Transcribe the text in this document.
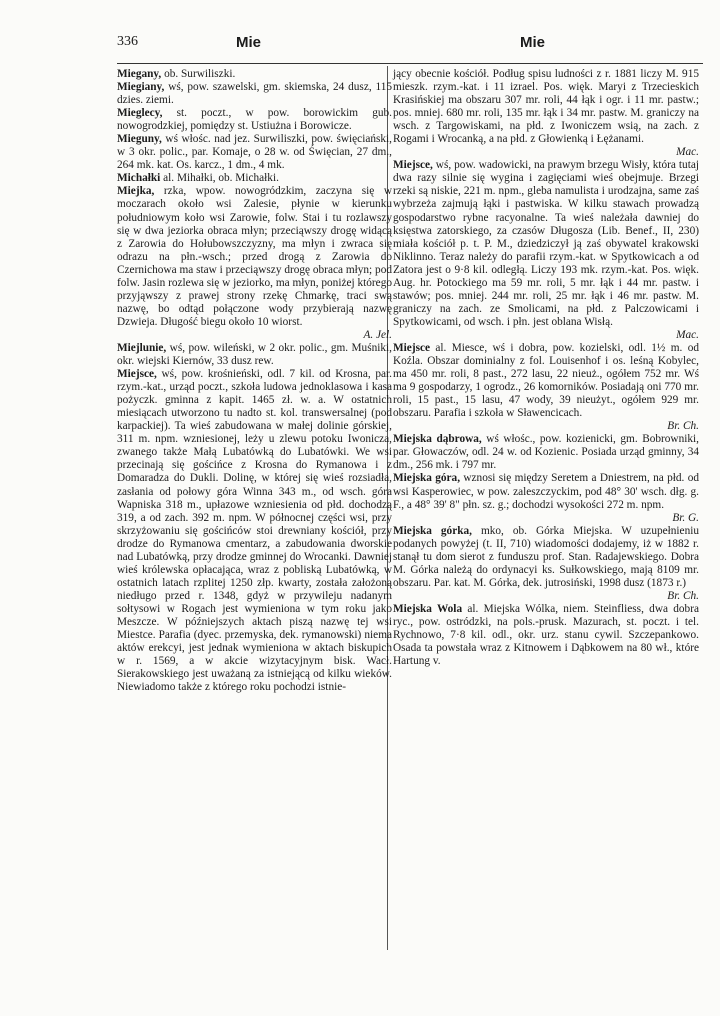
336	Mie	Mie

Miegany, ob. Surwiliszki.

Miegiany, wś, pow. szawelski, gm. skiemska, 24 dusz, 115 dzies. ziemi.

Mieglecy, st. poczt., w pow. borowickim gub. nowogrodzkiej, pomiędzy st. Ustiużna i Borowicze.

Mieguny, wś włośc. nad jez. Surwiliszki, pow. święciański, w 3 okr. polic., par. Komaje, o 28 w. od Święcian, 27 dm., 264 mk. kat. Os. karcz., 1 dm., 4 mk.

Michałki al. Mihałki, ob. Michałki.

Miejka, rzka, wpow. nowogródzkim, zaczyna się w moczarach około wsi Zalesie, płynie w kierunku południowym koło wsi Zarowie, folw. Stai i tu rozlawszy się w dwa jeziorka obraca młyn; przeciąwszy drogę widącą z Zarowia do Hołubowszczyzny, ma młyn i zwraca się odrazu na płn.-wsch.; przed drogą z Zarowia do Czernichowa ma staw i przeciąwszy drogę obraca młyn; pod folw. Jasin rozlewa się w jeziorko, ma młyn, poniżej którego przyjąwszy z prawej strony rzekę Chmarkę, traci swą nazwę, bo odtąd połączone wody przybierają nazwę Dzwieja. Długość biegu około 10 wiorst.
A. Jel.

Miejlunie, wś, pow. wileński, w 2 okr. polic., gm. Muśniki, okr. wiejski Kiernów, 33 dusz rew.

Miejsce, wś, pow. krośnieński, odl. 7 kil. od Krosna, par. rzym.-kat., urząd poczt., szkoła ludowa jednoklasowa i kasa pożyczk. gminna z kapit. 1465 zł. w. a. W ostatnich miesiącach utworzono tu nadto st. kol. transwersalnej (pod karpackiej). Ta wieś zabudowana w małej dolinie górskiej, 311 m. npm. wzniesionej, leży u zlewu potoku Iwonicza, zwanego także Małą Lubatówką do Lubatówki. We wsi przecinają się gościńce z Krosna do Rymanowa i z Domaradza do Dukli. Dolinę, w której się wieś rozsiadła, zasłania od połowy góra Winna 343 m., od wsch. góra Wapniska 318 m., upłazowe wzniesienia od płd. dochodzą 319, a od zach. 392 m. npm. W północnej części wsi, przy skrzyżowaniu się gościńców stoi drewniany kościół, przy drodze do Rymanowa cmentarz, a zabudowania dworskie nad Lubatówką, przy drodze gminnej do Wrocanki. Dawniej wieś królewska opłacająca, wraz z pobliską Lubatówką, w ostatnich latach rzplitej 1250 złp. kwarty, została założoną niedługo przed r. 1348, gdyż w przywileju nadanym sołtysowi w Rogach jest wymieniona w tym roku jako Meszcze. W późniejszych aktach piszą nazwę tej wsi Miestce. Parafia (dyec. przemyska, dek. rymanowski) niema aktów erekcyi, jest jednak wymieniona w aktach biskupich w r. 1569, a w akcie wizytacyjnym bisk. Wacł. Sierakowskiego jest uważaną za istniejącą od kilku wieków. Niewiadomo także z którego roku pochodzi istnie-

jący obecnie kościół. Podług spisu ludności z r. 1881 liczy M. 915 mieszk. rzym.-kat. i 11 izrael. Pos. więk. Maryi z Trzecieskich Krasińskiej ma obszaru 307 mr. roli, 44 łąk i ogr. i 11 mr. pastw.; pos. mniej. 680 mr. roli, 135 mr. łąk i 34 mr. pastw. M. graniczy na wsch. z Targowiskami, na płd. z Iwoniczem wsią, na zach. z Rogami i Wrocanką, a na płd. z Głowienką i Łężanami.
Mac.

Miejsce, wś, pow. wadowicki, na prawym brzegu Wisły, która tutaj dwa razy silnie się wygina i zagięciami wieś obejmuje. Brzegi rzeki są niskie, 221 m. npm., gleba namulista i urodzajna, same zaś wybrzeża zajmują łąki i pastwiska. W kilku stawach prowadzą gospodarstwo rybne racyonalne. Ta wieś należała dawniej do księstwa zatorskiego, za czasów Długosza (Lib. Benef., II, 230) miała kościół p. t. P. M., dziedziczył ją zaś obywatel krakowski Niklinno. Teraz należy do parafii rzym.-kat. w Spytkowicach a od Zatora jest o 9·8 kil. odległą. Liczy 193 mk. rzym.-kat. Pos. więk. Aug. hr. Potockiego ma 59 mr. roli, 5 mr. łąk i 44 mr. pastw. i stawów; pos. mniej. 244 mr. roli, 25 mr. łąk i 46 mr. pastw. M. graniczy na zach. ze Smolicami, na płd. z Palczowicami i Spytkowicami, od wsch. i płn. jest oblana Wisłą.
Mac.

Miejsce al. Miesce, wś i dobra, pow. kozielski, odl. 1½ m. od Koźla. Obszar dominialny z fol. Louisenhof i os. leśną Kobylec, ma 450 mr. roli, 8 past., 272 lasu, 22 nieuż., ogółem 752 mr. Wś ma 9 gospodarzy, 1 ogrodz., 26 komorników. Posiadają oni 770 mr. roli, 15 past., 15 lasu, 47 wody, 39 nieużyt., ogółem 929 mr. obszaru. Parafia i szkoła w Sławencicach.
Br. Ch.

Miejska dąbrowa, wś włośc., pow. kozienicki, gm. Bobrowniki, par. Głowaczów, odl. 24 w. od Kozienic. Posiada urząd gminny, 34 dm., 256 mk. i 797 mr.

Miejska góra, wznosi się między Seretem a Dniestrem, na płd. od wsi Kasperowiec, w pow. zaleszczyckim, pod 48° 30' wsch. dłg. g. F., a 48° 39' 8" płn. sz. g.; dochodzi wysokości 272 m. npm.
Br. G.

Miejska górka, mko, ob. Górka Miejska. W uzupełnieniu podanych powyżej (t. II, 710) wiadomości dodajemy, iż w 1882 r. stanął tu dom sierot z funduszu prof. Stan. Radajewskiego. Dobra M. Górka należą do ordynacyi ks. Sułkowskiego, mają 8109 mr. obszaru. Par. kat. M. Górka, dek. jutrosiński, 1998 dusz (1873 r.)
Br. Ch.

Miejska Wola al. Miejska Wólka, niem. Steinfliess, dwa dobra ryc., pow. ostródzki, na pols.-prusk. Mazurach, st. poczt. i tel. Rychnowo, 7·8 kil. odl., okr. urz. stanu cywil. Szczepankowo. Osada ta powstała wraz z Kitnowem i Dąbkowem na 80 wł., które Hartung v.
